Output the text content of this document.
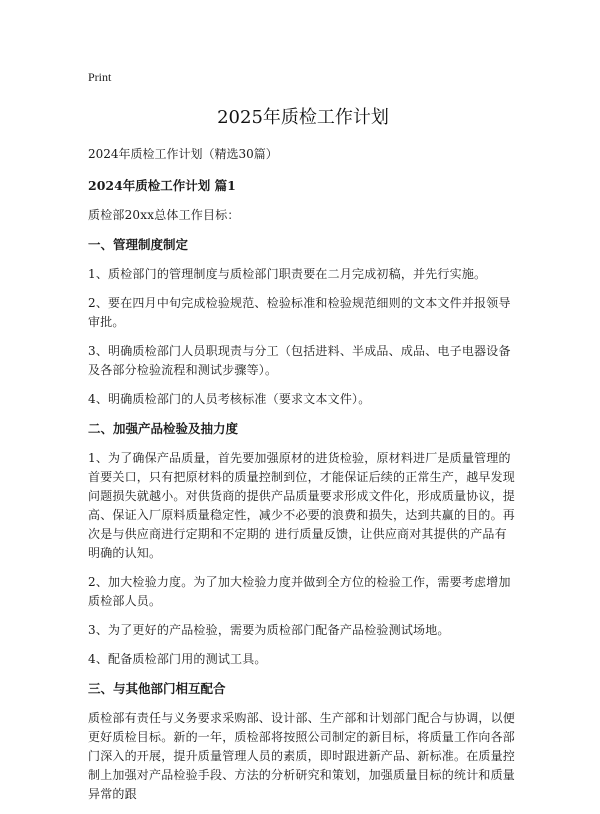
Print
2025年质检工作计划
2024年质检工作计划（精选30篇）
2024年质检工作计划 篇1

质检部20xx总体工作目标：

一、管理制度制定

1、质检部门的管理制度与质检部门职责要在二月完成初稿，并先行实施。

2、要在四月中旬完成检验规范、检验标准和检验规范细则的文本文件并报领导审批。

3、明确质检部门人员职现责与分工（包括进料、半成品、成品、电子电器设备及各部分检验流程和测试步骤等）。

4、明确质检部门的人员考核标准（要求文本文件）。

二、加强产品检验及抽力度

1、为了确保产品质量，首先要加强原材的进货检验，原材料进厂是质量管理的首要关口，只有把原材料的质量控制到位，才能保证后续的正常生产，越早发现问题损失就越小。对供货商的提供产品质量要求形成文件化，形成质量协议，提高、保证入厂原料质量稳定性，减少不必要的浪费和损失，达到共赢的目的。再次是与供应商进行定期和不定期的 进行质量反馈，让供应商对其提供的产品有明确的认知。

2、加大检验力度。为了加大检验力度并做到全方位的检验工作，需要考虑增加质检部人员。

3、为了更好的产品检验，需要为质检部门配备产品检验测试场地。

4、配备质检部门用的测试工具。

三、与其他部门相互配合

质检部有责任与义务要求采购部、设计部、生产部和计划部门配合与协调，以便更好质检目标。新的一年，质检部将按照公司制定的新目标，将质量工作向各部门深入的开展，提升质量管理人员的素质，即时跟进新产品、新标准。在质量控制上加强对产品检验手段、方法的分析研究和策划，加强质量目标的统计和质量异常的跟
